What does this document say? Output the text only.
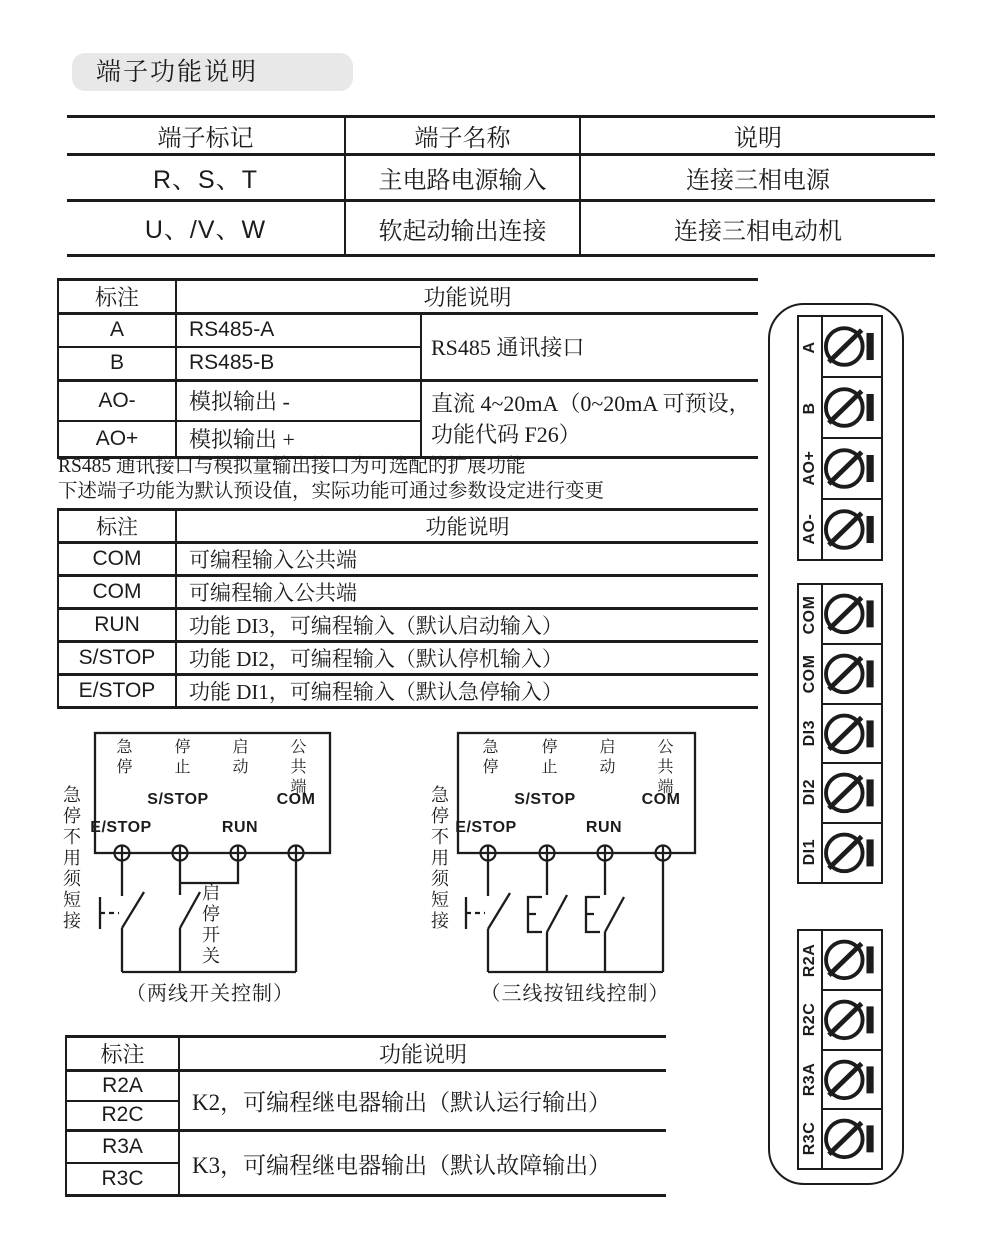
端子功能说明
端子标记	端子名称	说明
R、S、T	主电路电源输入	连接三相电源
U、/V、W	软起动输出连接	连接三相电动机
标注	功能说明	
A	RS485-A	RS485 通讯接口
B	RS485-B	
AO-	模拟输出 -	直流 4~20mA（0~20mA 可预设，功能代码 F26）
AO+	模拟输出 +	
RS485 通讯接口与模拟量输出接口为可选配的扩展功能
下述端子功能为默认预设值，实际功能可通过参数设定进行变更
标注	功能说明
COM	可编程输入公共端
COM	可编程输入公共端
RUN	功能 DI3，可编程输入（默认启动输入）
S/STOP	功能 DI2，可编程输入（默认停机输入）
E/STOP	功能 DI1，可编程输入（默认急停输入）
急停	停止	启动	公共端
S/STOP	COM
E/STOP	RUN
急停不用须短接	启停开关
（两线开关控制）
急停	停止	启动	公共端
S/STOP	COM
E/STOP	RUN
急停不用须短接
（三线按钮线控制）
A
B
AO+
AO-
COM
COM
DI3
DI2
DI1
R2A
R2C
R3A
R3C
标注	功能说明
R2A	K2，可编程继电器输出（默认运行输出）
R2C	
R3A	K3，可编程继电器输出（默认故障输出）
R3C	
